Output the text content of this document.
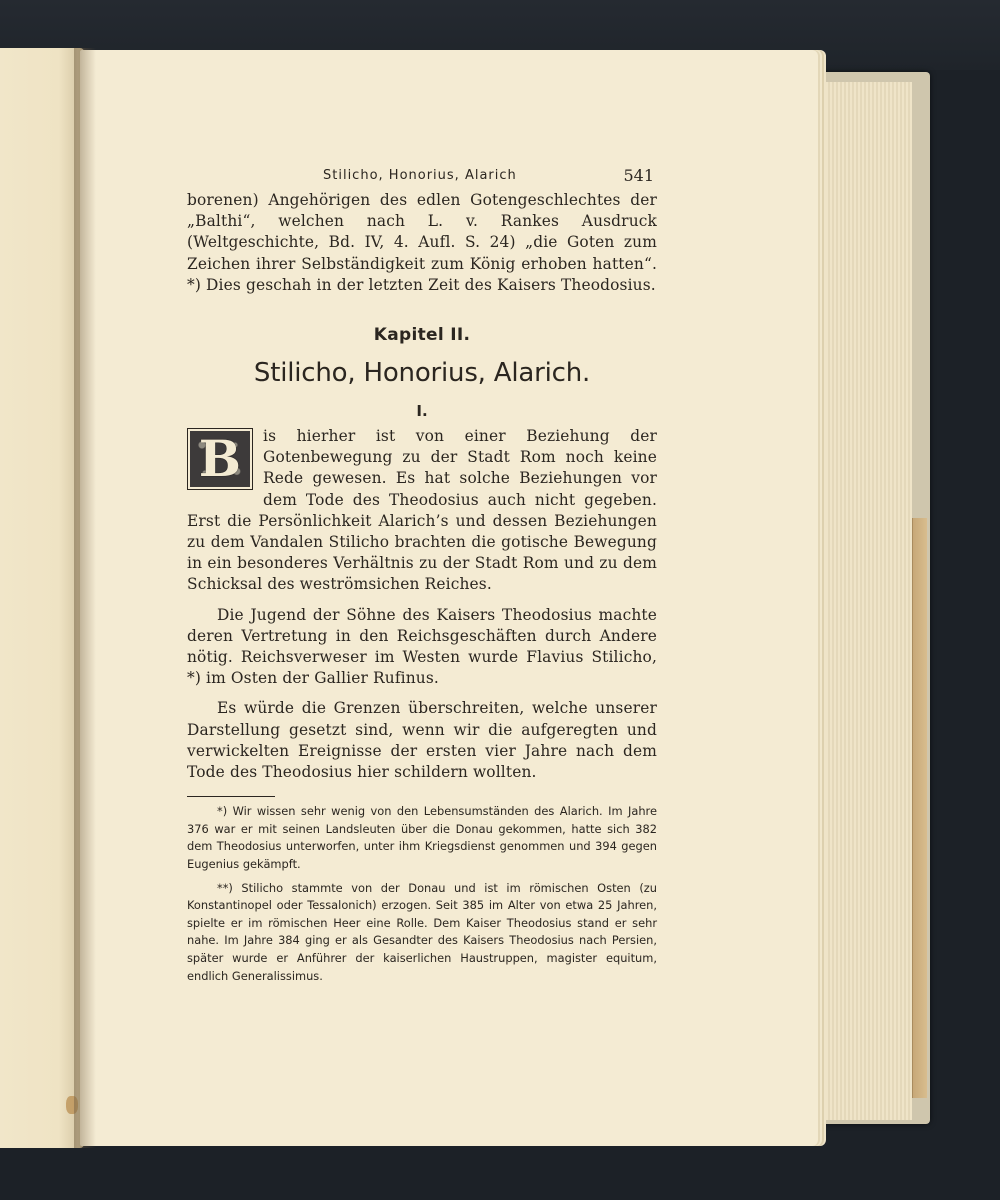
Stilicho, Honorius, Alarich	541

borenen) Angehörigen des edlen Gotengeschlechtes der „Balthi“, welchen nach L. v. Rankes Ausdruck (Weltgeschichte, Bd. IV, 4. Aufl. S. 24) „die Goten zum Zeichen ihrer Selbständigkeit zum König erhoben hatten“. *) Dies geschah in der letzten Zeit des Kaisers Theodosius.

Kapitel II.
Stilicho, Honorius, Alarich.
I.
B is hierher ist von einer Beziehung der Gotenbewegung zu der Stadt Rom noch keine Rede gewesen. Es hat solche Beziehungen vor dem Tode des Theodosius auch nicht gegeben. Erst die Persönlichkeit Alarich’s und dessen Beziehungen zu dem Vandalen Stilicho brachten die gotische Bewegung in ein besonderes Verhältnis zu der Stadt Rom und zu dem Schicksal des weströmsichen Reiches.

Die Jugend der Söhne des Kaisers Theodosius machte deren Vertretung in den Reichsgeschäften durch Andere nötig. Reichsverweser im Westen wurde Flavius Stilicho, *) im Osten der Gallier Rufinus.

Es würde die Grenzen überschreiten, welche unserer Darstellung gesetzt sind, wenn wir die aufgeregten und verwickelten Ereignisse der ersten vier Jahre nach dem Tode des Theodosius hier schildern wollten.

*) Wir wissen sehr wenig von den Lebensumständen des Alarich. Im Jahre 376 war er mit seinen Landsleuten über die Donau gekommen, hatte sich 382 dem Theodosius unterworfen, unter ihm Kriegsdienst genommen und 394 gegen Eugenius gekämpft.

**) Stilicho stammte von der Donau und ist im römischen Osten (zu Konstantinopel oder Tessalonich) erzogen. Seit 385 im Alter von etwa 25 Jahren, spielte er im römischen Heer eine Rolle. Dem Kaiser Theodosius stand er sehr nahe. Im Jahre 384 ging er als Gesandter des Kaisers Theodosius nach Persien, später wurde er Anführer der kaiserlichen Haustruppen, magister equitum, endlich Generalissimus.
